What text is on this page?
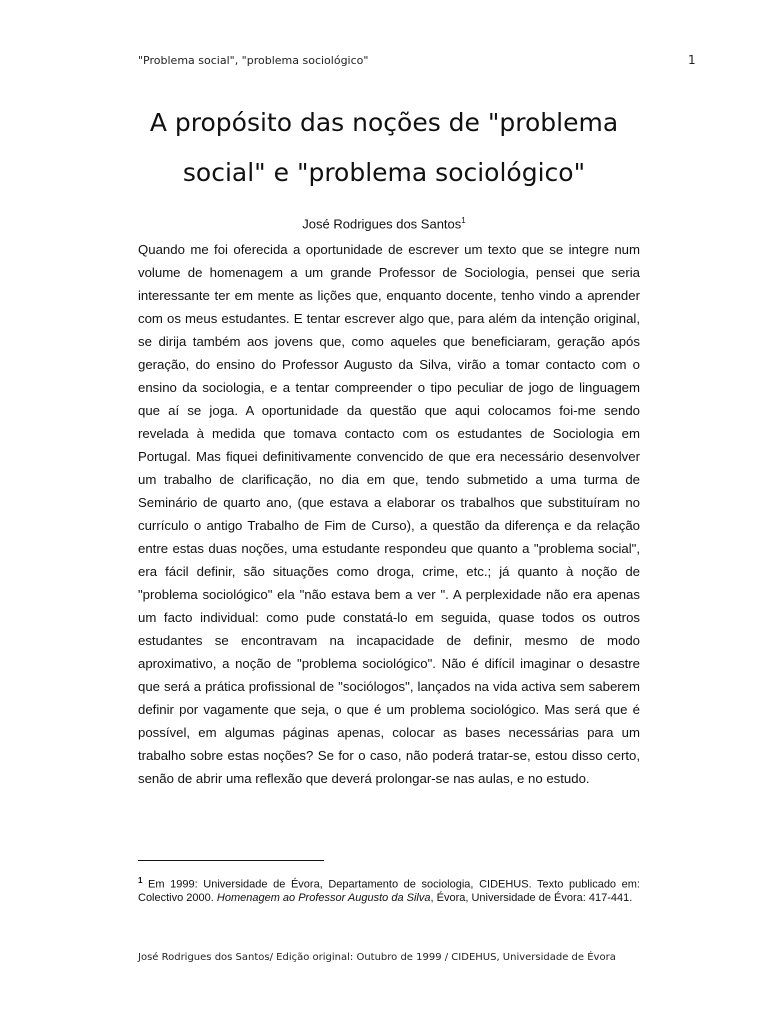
"Problema social", "problema sociológico"	1
A propósito das noções de "problema
social" e "problema sociológico"
José Rodrigues dos Santos$^1$

Quando me foi oferecida a oportunidade de escrever um texto que se integre num volume de homenagem a um grande Professor de Sociologia, pensei que seria interessante ter em mente as lições que, enquanto docente, tenho vindo a aprender com os meus estudantes. E tentar escrever algo que, para além da intenção original, se dirija também aos jovens que, como aqueles que beneficiaram, geração após geração, do ensino do Professor Augusto da Silva, virão a tomar contacto com o ensino da sociologia, e a tentar compreender o tipo peculiar de jogo de linguagem que aí se joga. A oportunidade da questão que aqui colocamos foi-me sendo revelada à medida que tomava contacto com os estudantes de Sociologia em Portugal. Mas fiquei definitivamente convencido de que era necessário desenvolver um trabalho de clarificação, no dia em que, tendo submetido a uma turma de Seminário de quarto ano, (que estava a elaborar os trabalhos que substituíram no currículo o antigo Trabalho de Fim de Curso), a questão da diferença e da relação entre estas duas noções, uma estudante respondeu que quanto a "problema social", era fácil definir, são situações como droga, crime, etc.; já quanto à noção de "problema sociológico" ela "não estava bem a ver ". A perplexidade não era apenas um facto individual: como pude constatá-lo em seguida, quase todos os outros estudantes se encontravam na incapacidade de definir, mesmo de modo aproximativo, a noção de "problema sociológico". Não é difícil imaginar o desastre que será a prática profissional de "sociólogos", lançados na vida activa sem saberem definir por vagamente que seja, o que é um problema sociológico. Mas será que é possível, em algumas páginas apenas, colocar as bases necessárias para um trabalho sobre estas noções? Se for o caso, não poderá tratar-se, estou disso certo, senão de abrir uma reflexão que deverá prolongar-se nas aulas, e no estudo.

$^1$ Em 1999: Universidade de Évora, Departamento de sociologia, CIDEHUS. Texto publicado em: Colectivo 2000. Homenagem ao Professor Augusto da Silva, Évora, Universidade de Évora: 417-441.

José Rodrigues dos Santos/ Edição original: Outubro de 1999 / CIDEHUS, Universidade de Évora
